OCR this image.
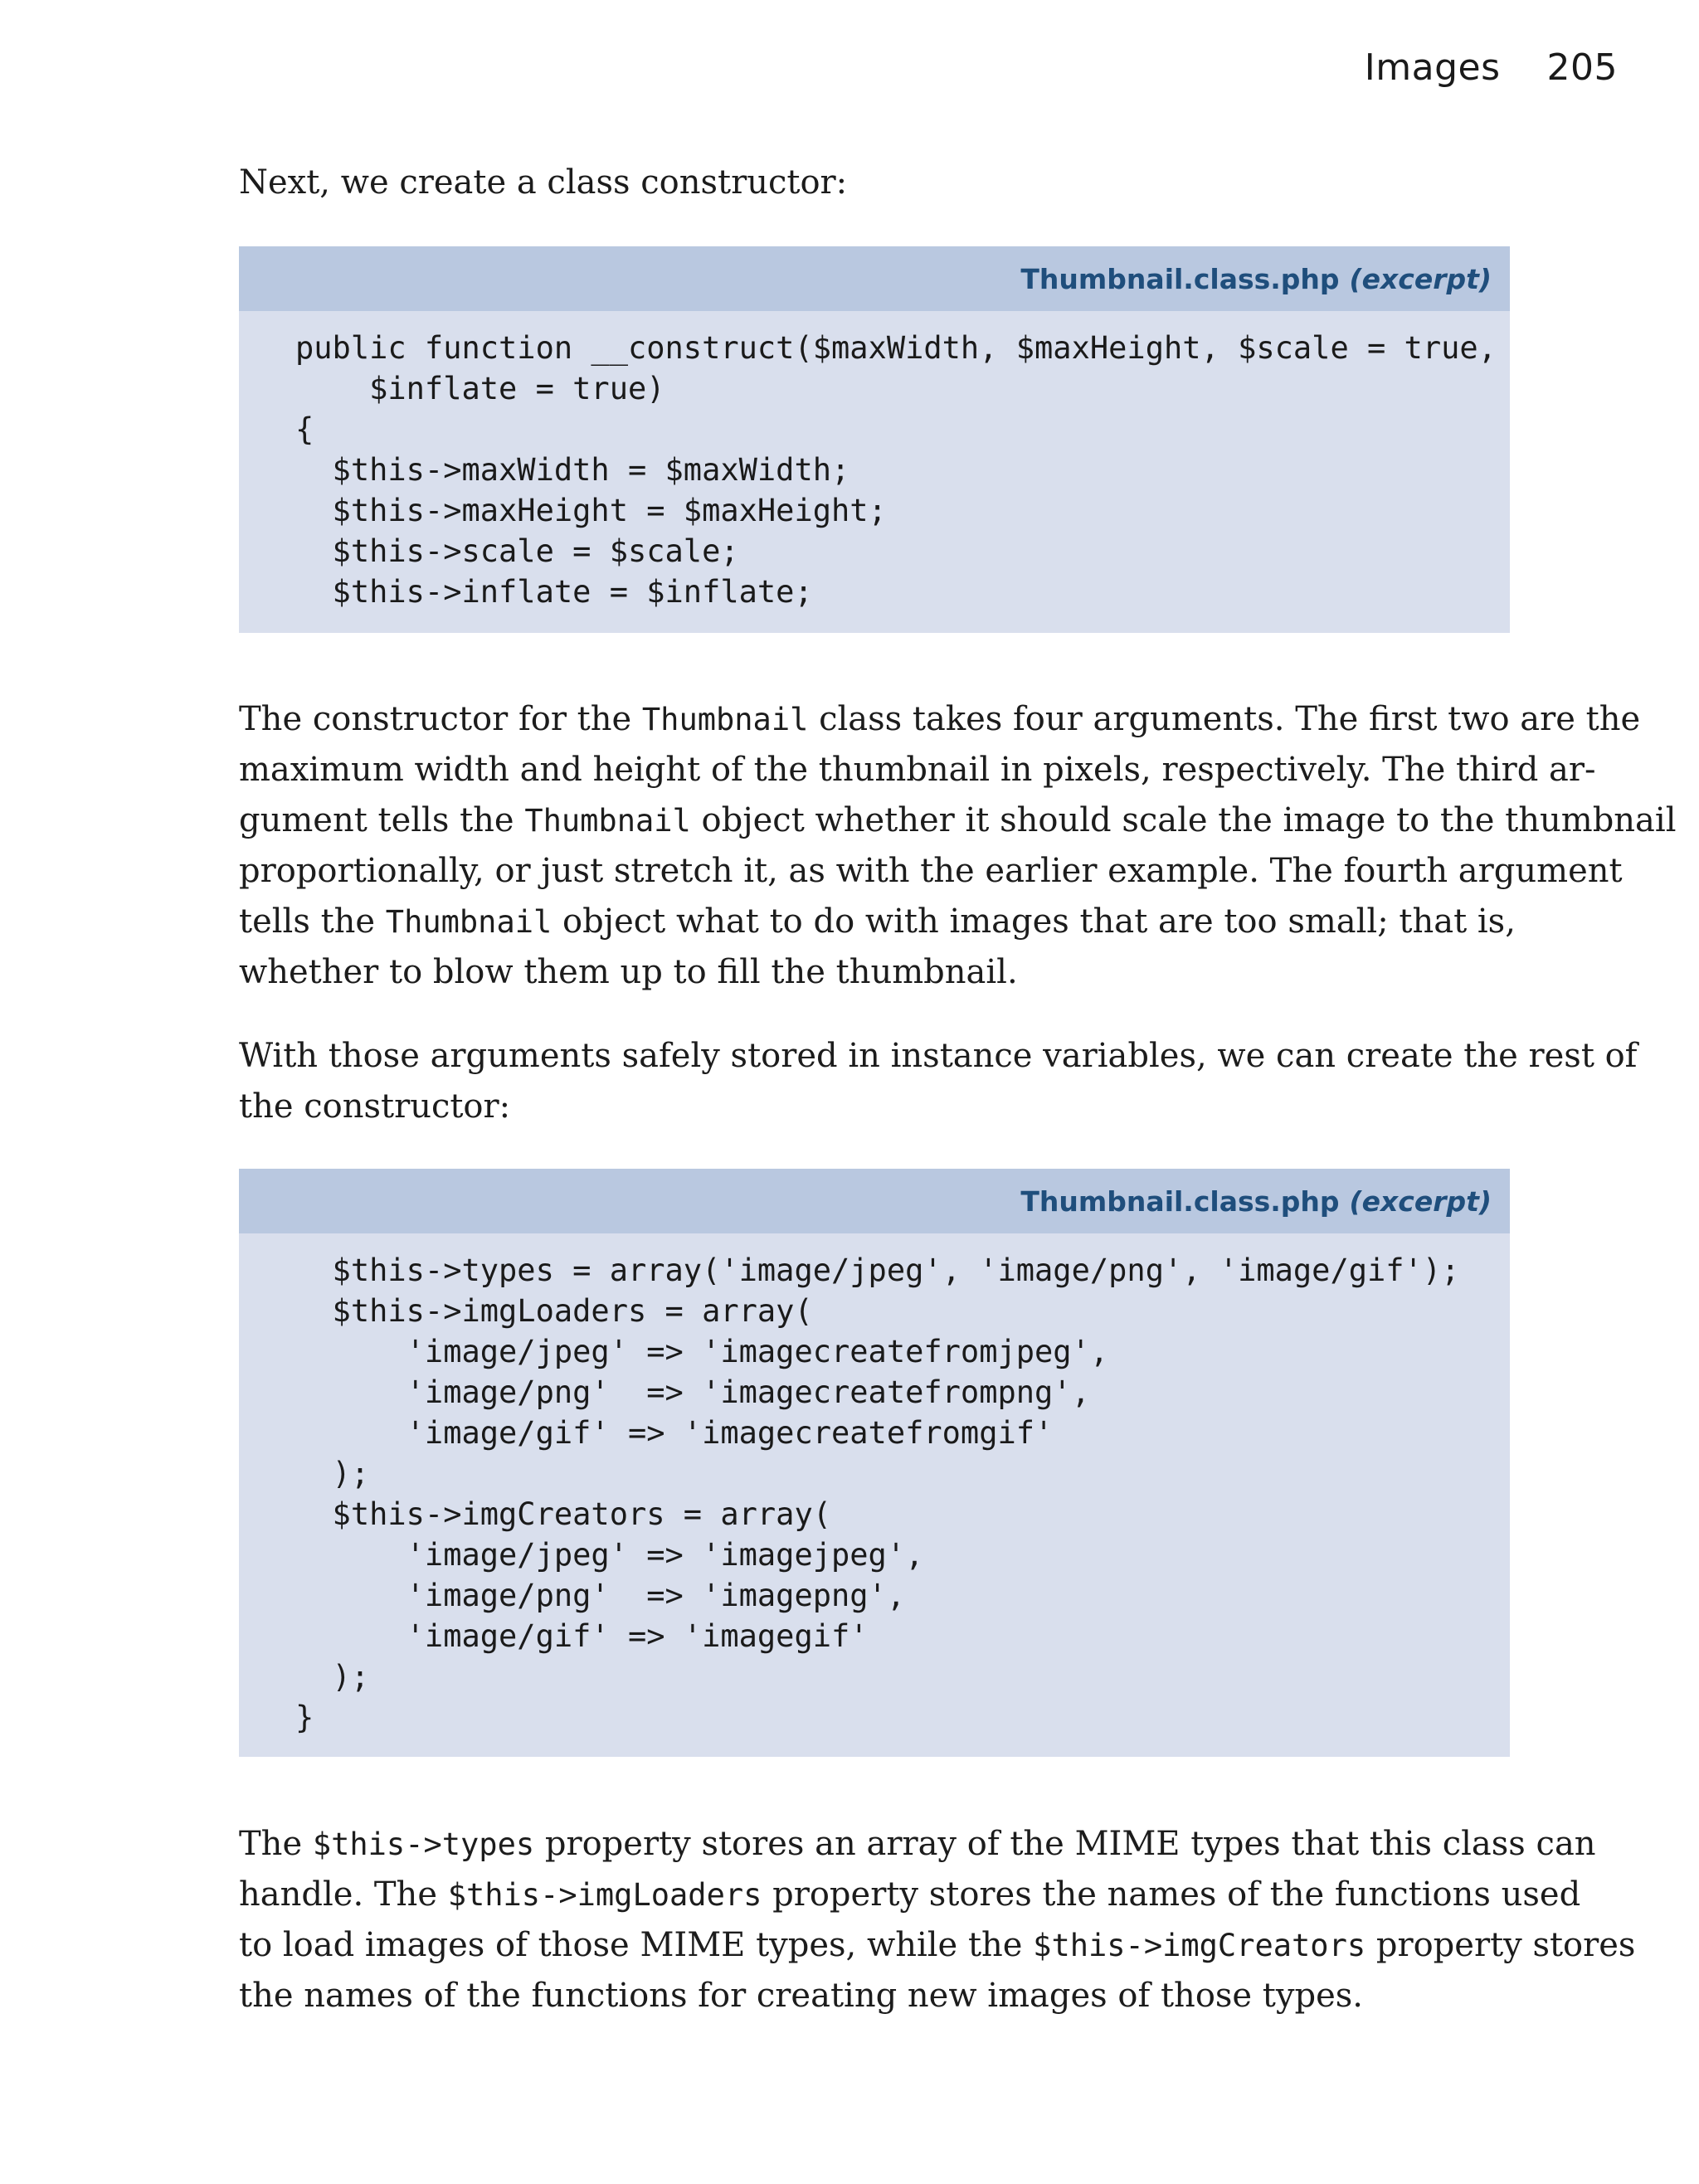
Images 205

Next, we create a class constructor:

Thumbnail.class.php (excerpt)
public function __construct($maxWidth, $maxHeight, $scale = true,
$inflate = true)
{
$this->maxWidth = $maxWidth;
$this->maxHeight = $maxHeight;
$this->scale = $scale;
$this->inflate = $inflate;

The constructor for the Thumbnail class takes four arguments. The first two are the
maximum width and height of the thumbnail in pixels, respectively. The third ar-
gument tells the Thumbnail object whether it should scale the image to the thumbnail
proportionally, or just stretch it, as with the earlier example. The fourth argument
tells the Thumbnail object what to do with images that are too small; that is,
whether to blow them up to fill the thumbnail.

With those arguments safely stored in instance variables, we can create the rest of
the constructor:

Thumbnail.class.php (excerpt)
$this->types = array('image/jpeg', 'image/png', 'image/gif');
$this->imgLoaders = array(
'image/jpeg' => 'imagecreatefromjpeg',
'image/png'  => 'imagecreatefrompng',
'image/gif' => 'imagecreatefromgif'
);
$this->imgCreators = array(
'image/jpeg' => 'imagejpeg',
'image/png'  => 'imagepng',
'image/gif' => 'imagegif'
);
}

The $this->types property stores an array of the MIME types that this class can
handle. The $this->imgLoaders property stores the names of the functions used
to load images of those MIME types, while the $this->imgCreators property stores
the names of the functions for creating new images of those types.
